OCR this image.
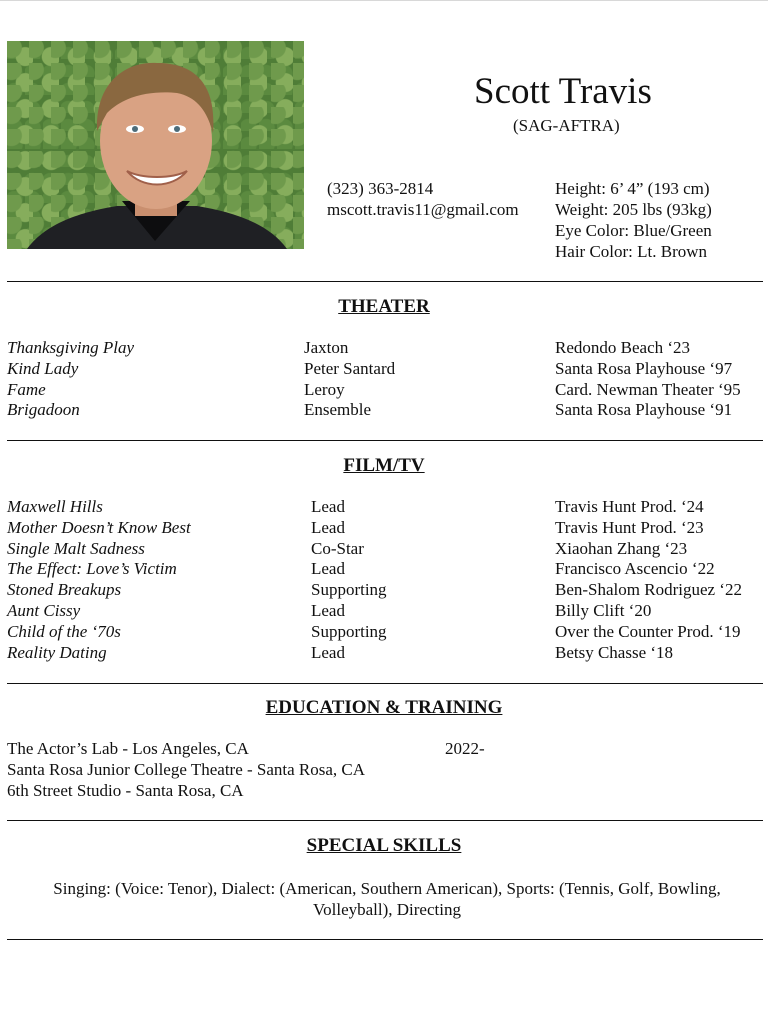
Scott Travis
(SAG-AFTRA)
(323) 363-2814
mscott.travis11@gmail.com
Height: 6’ 4” (193 cm)
Weight: 205 lbs (93kg)
Eye Color: Blue/Green
Hair Color: Lt. Brown
THEATER
Thanksgiving Play	Jaxton	Redondo Beach ‘23
Kind Lady	Peter Santard	Santa Rosa Playhouse ‘97
Fame	Leroy	Card. Newman Theater ‘95
Brigadoon	Ensemble	Santa Rosa Playhouse ‘91
FILM/TV
Maxwell Hills	Lead	Travis Hunt Prod. ‘24
Mother Doesn’t Know Best	Lead	Travis Hunt Prod. ‘23
Single Malt Sadness	Co-Star	Xiaohan Zhang ‘23
The Effect: Love’s Victim	Lead	Francisco Ascencio ‘22
Stoned Breakups	Supporting	Ben-Shalom Rodriguez ‘22
Aunt Cissy	Lead	Billy Clift ‘20
Child of the ‘70s	Supporting	Over the Counter Prod. ‘19
Reality Dating	Lead	Betsy Chasse ‘18
EDUCATION & TRAINING
The Actor’s Lab - Los Angeles, CA	2022-
Santa Rosa Junior College Theatre - Santa Rosa, CA
6th Street Studio - Santa Rosa, CA
SPECIAL SKILLS
Singing: (Voice: Tenor), Dialect: (American, Southern American), Sports: (Tennis, Golf, Bowling, Volleyball), Directing
